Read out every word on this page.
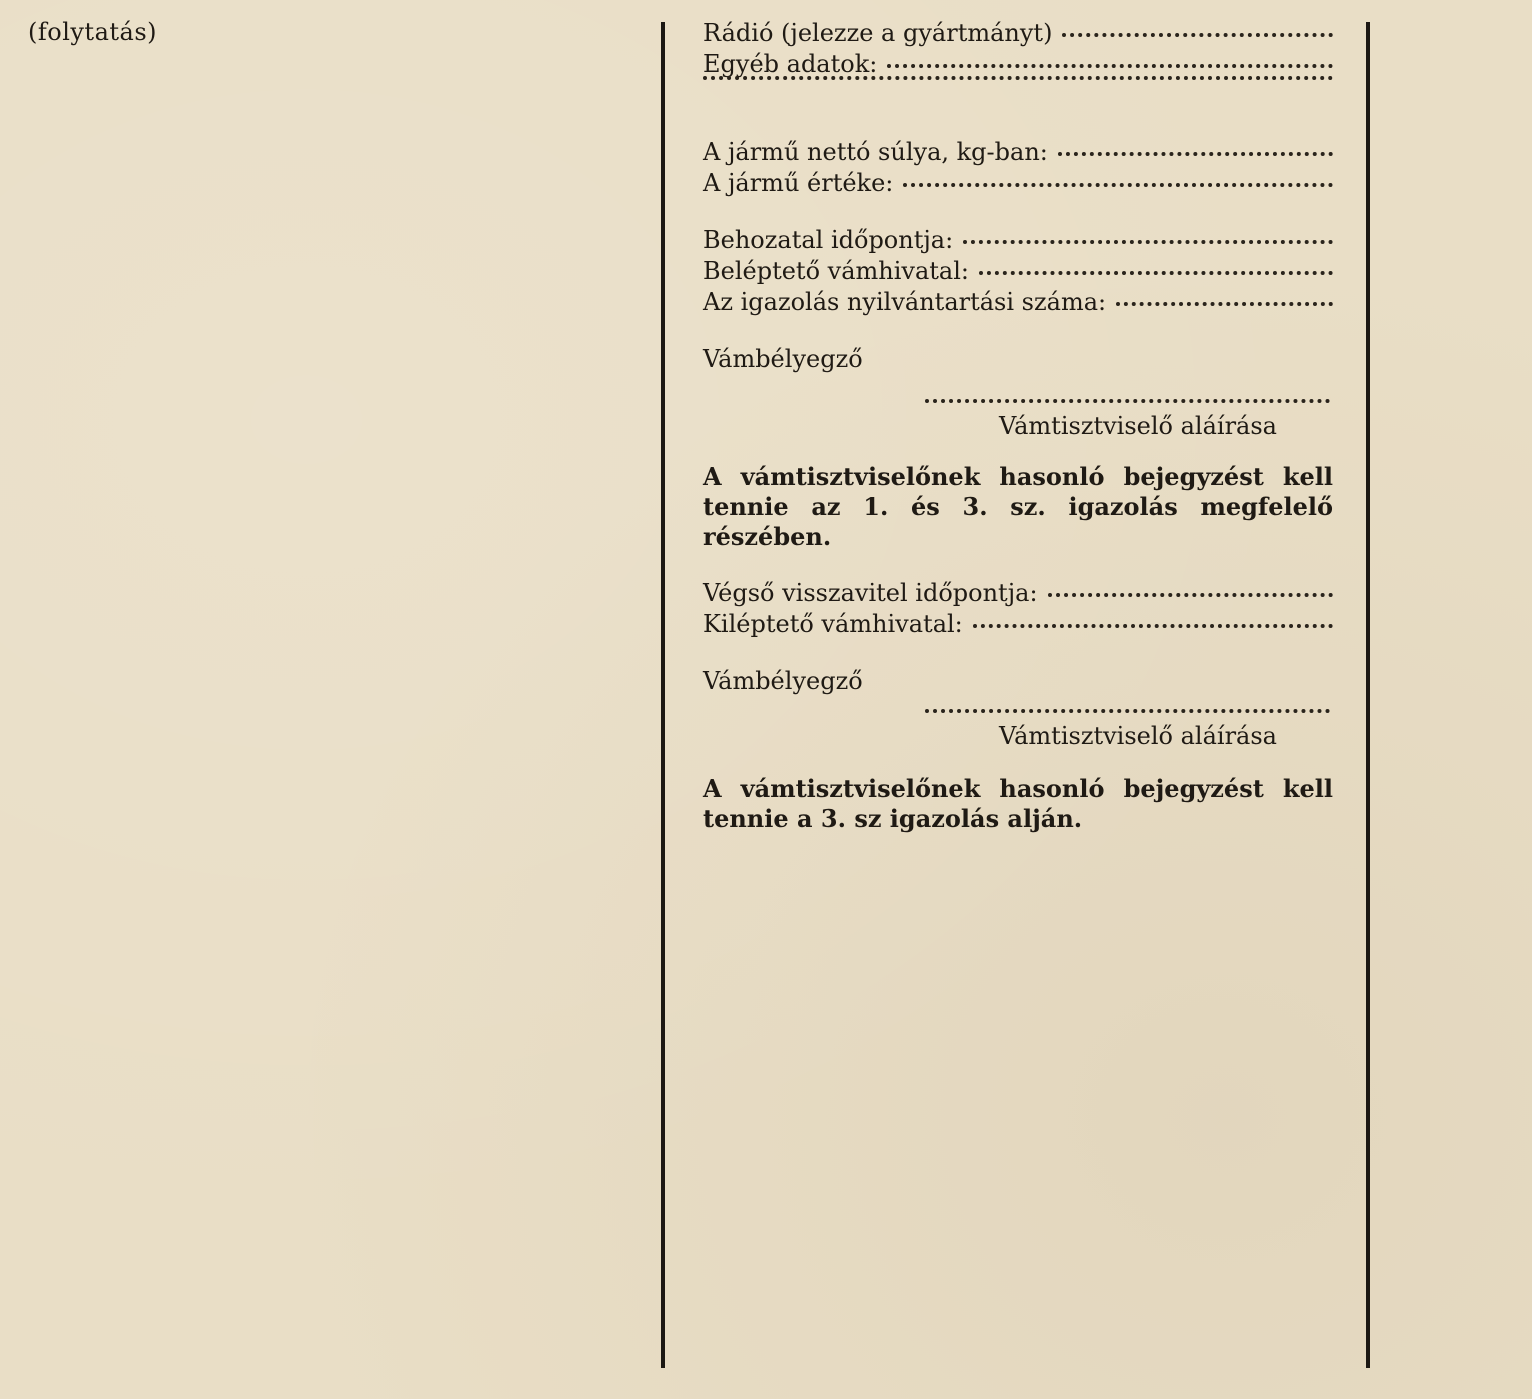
(folytatás)	Rádió (jelezze a gyártmányt)
Egyéb adatok:
A jármű nettó súlya, kg-ban:
A jármű értéke:
Behozatal időpontja:
Beléptető vámhivatal:
Az igazolás nyilvántartási száma:
Vámbélyegző
Vámtisztviselő aláírása
A vámtisztviselőnek hasonló bejegyzést kell tennie az 1. és 3. sz. igazolás megfelelő részében.
Végső visszavitel időpontja:
Kiléptető vámhivatal:
Vámbélyegző
Vámtisztviselő aláírása
A vámtisztviselőnek hasonló bejegyzést kell tennie a 3. sz igazolás alján.
